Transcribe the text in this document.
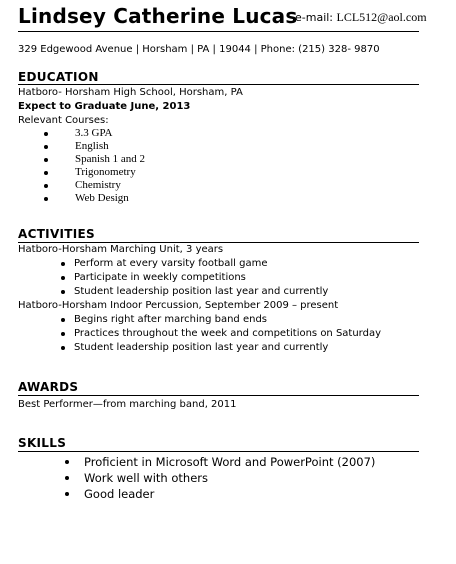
Lindsey Catherine Lucas
e-mail: LCL512@aol.com
329 Edgewood Avenue | Horsham | PA | 19044 | Phone: (215) 328- 9870
EDUCATION
Hatboro- Horsham High School, Horsham, PA
Expect to Graduate June, 2013
Relevant Courses:
3.3 GPA
English
Spanish 1 and 2
Trigonometry
Chemistry
Web Design
ACTIVITIES
Hatboro-Horsham Marching Unit, 3 years
Perform at every varsity football game
Participate in weekly competitions
Student leadership position last year and currently
Hatboro-Horsham Indoor Percussion, September 2009 – present
Begins right after marching band ends
Practices throughout the week and competitions on Saturday
Student leadership position last year and currently
AWARDS
Best Performer—from marching band, 2011
SKILLS
Proficient in Microsoft Word and PowerPoint (2007)
Work well with others
Good leader
